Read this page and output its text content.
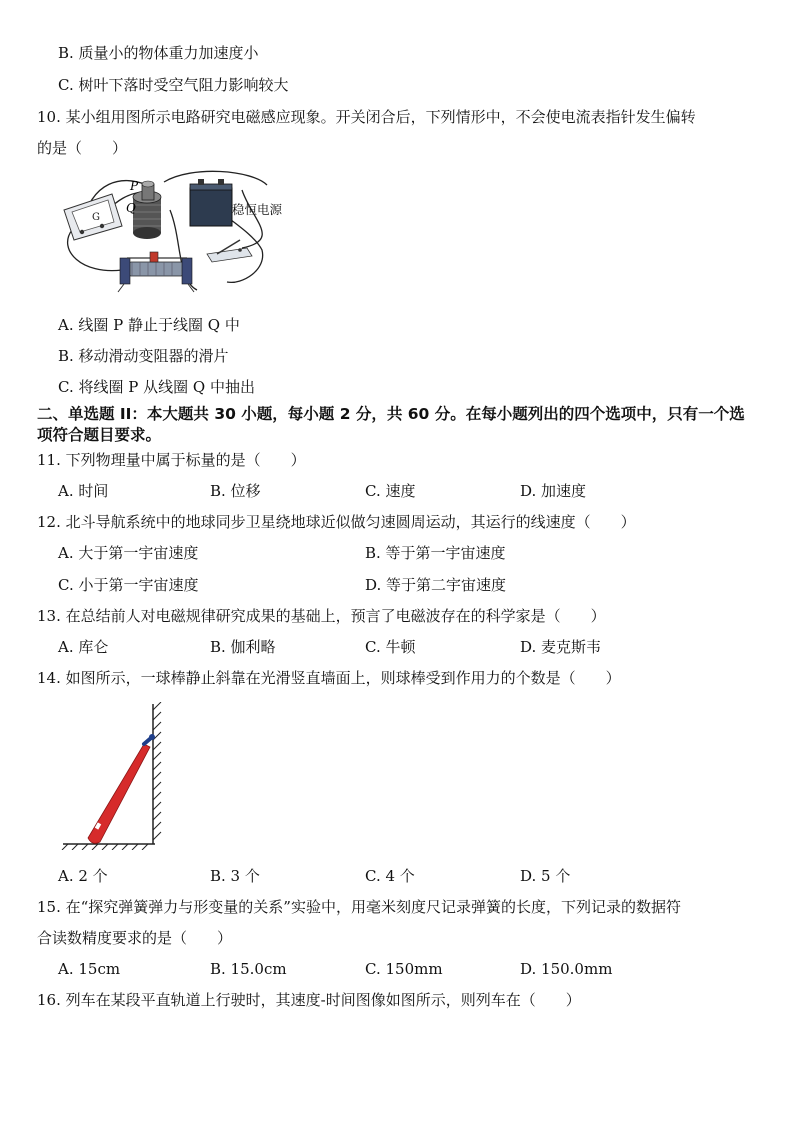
B. 质量小的物体重力加速度小
C. 树叶下落时受空气阻力影响较大
10. 某小组用图所示电路研究电磁感应现象。开关闭合后，下列情形中，不会使电流表指针发生偏转
的是（　　）
G
P
Q	稳恒电源
A. 线圈 P 静止于线圈 Q 中
B. 移动滑动变阻器的滑片
C. 将线圈 P 从线圈 Q 中抽出
二、单选题 II：本大题共 30 小题，每小题 2 分，共 60 分。在每小题列出的四个选项中，只有一个选
项符合题目要求。
11. 下列物理量中属于标量的是（　　）
A. 时间	B. 位移	C. 速度	D. 加速度
12. 北斗导航系统中的地球同步卫星绕地球近似做匀速圆周运动，其运行的线速度（　　）
A. 大于第一宇宙速度	B. 等于第一宇宙速度
C. 小于第一宇宙速度	D. 等于第二宇宙速度
13. 在总结前人对电磁规律研究成果的基础上，预言了电磁波存在的科学家是（　　）
A. 库仑	B. 伽利略	C. 牛顿	D. 麦克斯韦
14. 如图所示，一球棒静止斜靠在光滑竖直墙面上，则球棒受到作用力的个数是（　　）
A. 2 个	B. 3 个	C. 4 个	D. 5 个
15. 在“探究弹簧弹力与形变量的关系”实验中，用毫米刻度尺记录弹簧的长度，下列记录的数据符
合读数精度要求的是（　　）
A. 15cm	B. 15.0cm	C. 150mm	D. 150.0mm
16. 列车在某段平直轨道上行驶时，其速度-时间图像如图所示，则列车在（　　）
